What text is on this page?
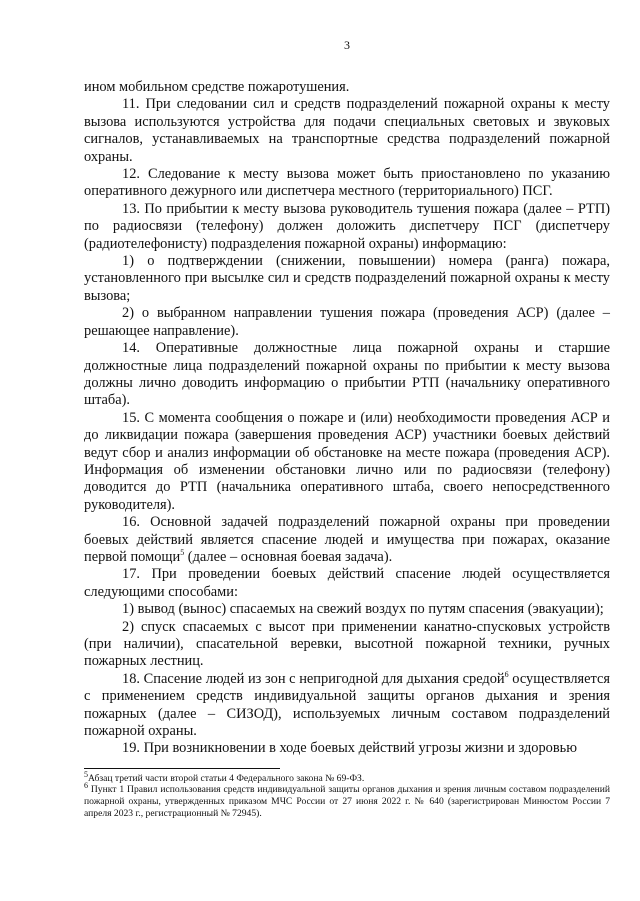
3

ином мобильном средстве пожаротушения.

11. При следовании сил и средств подразделений пожарной охраны к месту вызова используются устройства для подачи специальных световых и звуковых сигналов, устанавливаемых на транспортные средства подразделений пожарной охраны.

12. Следование к месту вызова может быть приостановлено по указанию оперативного дежурного или диспетчера местного (территориального) ПСГ.

13. По прибытии к месту вызова руководитель тушения пожара (далее – РТП) по радиосвязи (телефону) должен доложить диспетчеру ПСГ (диспетчеру (радиотелефонисту) подразделения пожарной охраны) информацию:

1) о подтверждении (снижении, повышении) номера (ранга) пожара, установленного при высылке сил и средств подразделений пожарной охраны к месту вызова;

2) о выбранном направлении тушения пожара (проведения АСР) (далее – решающее направление).

14. Оперативные должностные лица пожарной охраны и старшие должностные лица подразделений пожарной охраны по прибытии к месту вызова должны лично доводить информацию о прибытии РТП (начальнику оперативного штаба).

15. С момента сообщения о пожаре и (или) необходимости проведения АСР и до ликвидации пожара (завершения проведения АСР) участники боевых действий ведут сбор и анализ информации об обстановке на месте пожара (проведения АСР). Информация об изменении обстановки лично или по радиосвязи (телефону) доводится до РТП (начальника оперативного штаба, своего непосредственного руководителя).

16. Основной задачей подразделений пожарной охраны при проведении боевых действий является спасение людей и имущества при пожарах, оказание первой помощи$^5$ (далее – основная боевая задача).

17. При проведении боевых действий спасение людей осуществляется следующими способами:

1) вывод (вынос) спасаемых на свежий воздух по путям спасения (эвакуации);

2) спуск спасаемых с высот при применении канатно-спусковых устройств (при наличии), спасательной веревки, высотной пожарной техники, ручных пожарных лестниц.

18. Спасение людей из зон с непригодной для дыхания средой$^6$ осуществляется с применением средств индивидуальной защиты органов дыхания и зрения пожарных (далее – СИЗОД), используемых личным составом подразделений пожарной охраны.

19. При возникновении в ходе боевых действий угрозы жизни и здоровью

$^5$Абзац третий части второй статьи 4 Федерального закона № 69-ФЗ.

$^6$ Пункт 1 Правил использования средств индивидуальной защиты органов дыхания и зрения личным составом подразделений пожарной охраны, утвержденных приказом МЧС России от 27 июня 2022 г. № 640 (зарегистрирован Минюстом России 7 апреля 2023 г., регистрационный № 72945).
